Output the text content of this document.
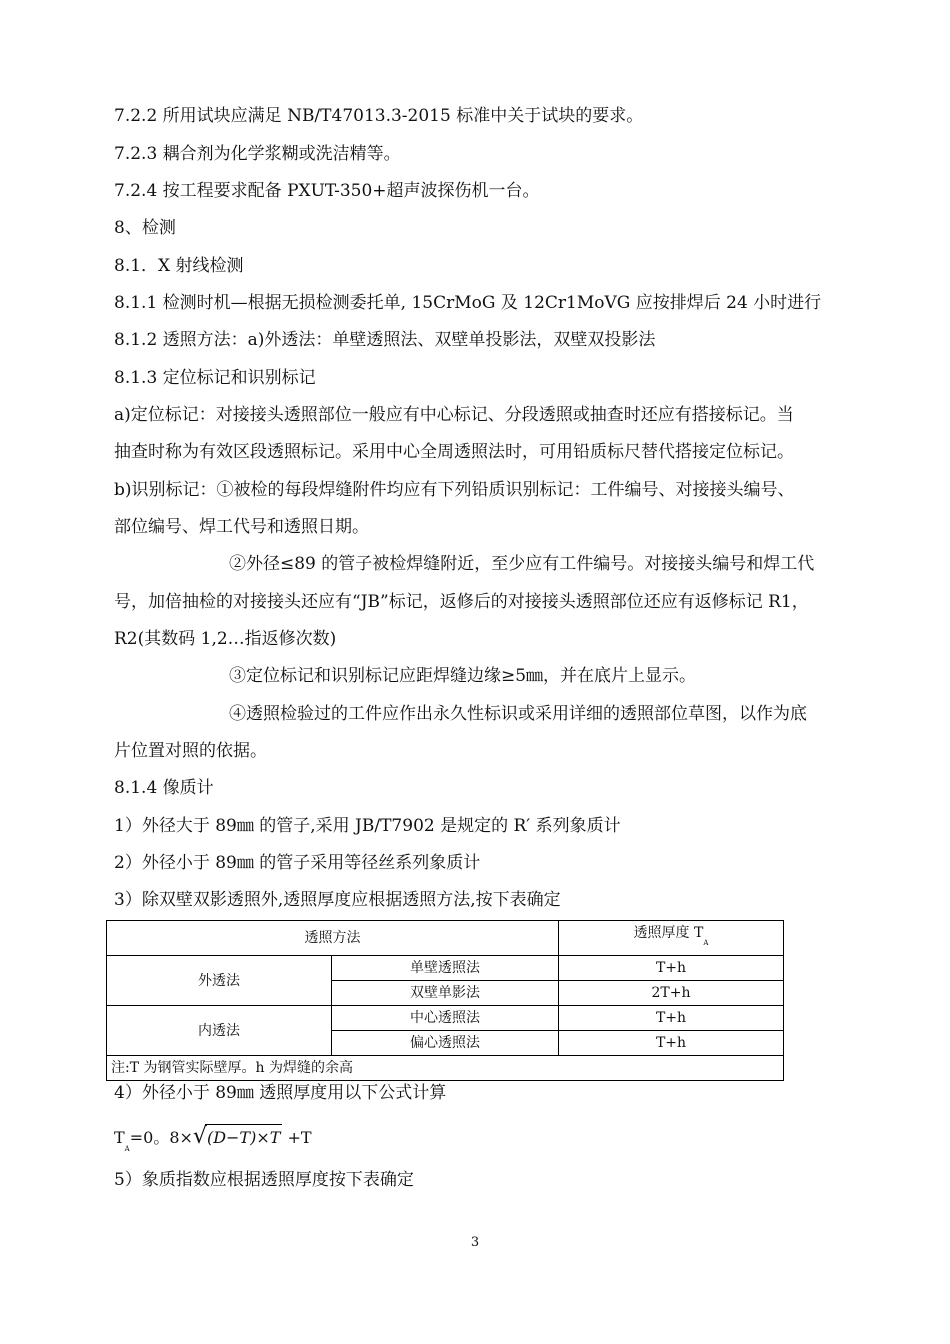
7.2.2 所用试块应满足 NB/T47013.3-2015 标准中关于试块的要求。
7.2.3 耦合剂为化学浆糊或洗洁精等。
7.2.4 按工程要求配备 PXUT-350+超声波探伤机一台。
8、检测
8.1．X 射线检测
8.1.1 检测时机—根据无损检测委托单, 15CrMoG 及 12Cr1MoVG 应按排焊后 24 小时进行
8.1.2 透照方法：a)外透法：单壁透照法、双壁单投影法，双壁双投影法
8.1.3 定位标记和识别标记
a)定位标记：对接接头透照部位一般应有中心标记、分段透照或抽查时还应有搭接标记。当
抽查时称为有效区段透照标记。采用中心全周透照法时，可用铅质标尺替代搭接定位标记。
b)识别标记：①被检的每段焊缝附件均应有下列铅质识别标记：工件编号、对接接头编号、
部位编号、焊工代号和透照日期。
②外径≤89 的管子被检焊缝附近，至少应有工件编号。对接接头编号和焊工代
号，加倍抽检的对接接头还应有“JB”标记，返修后的对接接头透照部位还应有返修标记 R1，
R2(其数码 1,2…指返修次数)
③定位标记和识别标记应距焊缝边缘≥5㎜，并在底片上显示。
④透照检验过的工件应作出永久性标识或采用详细的透照部位草图，以作为底
片位置对照的依据。
8.1.4 像质计
1）外径大于 89㎜ 的管子,采用 JB/T7902 是规定的 R′ 系列象质计
2）外径小于 89㎜ 的管子采用等径丝系列象质计
3）除双壁双影透照外,透照厚度应根据透照方法,按下表确定
透照方法		透照厚度 $T_A$
外透法	单壁透照法	T+h
	双壁单影法	2T+h
内透法	中心透照法	T+h
	偏心透照法	T+h
注:T 为钢管实际壁厚。h 为焊缝的余高		
4）外径小于 89㎜ 透照厚度用以下公式计算
$T_A=0$。8×√(D−T)×T +T
5）象质指数应根据透照厚度按下表确定
3
